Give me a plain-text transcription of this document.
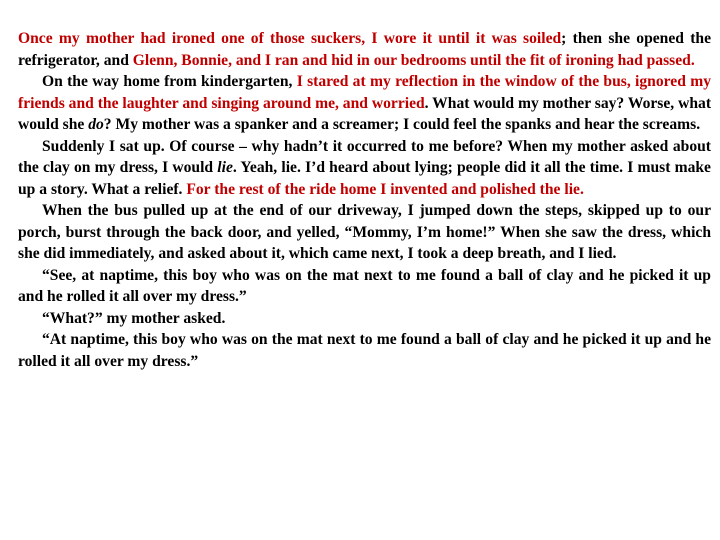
Once my mother had ironed one of those suckers, I wore it until it was soiled; then she opened the refrigerator, and Glenn, Bonnie, and I ran and hid in our bedrooms until the fit of ironing had passed.

On the way home from kindergarten, I stared at my reflection in the window of the bus, ignored my friends and the laughter and singing around me, and worried. What would my mother say? Worse, what would she do? My mother was a spanker and a screamer; I could feel the spanks and hear the screams.

Suddenly I sat up. Of course – why hadn’t it occurred to me before? When my mother asked about the clay on my dress, I would lie. Yeah, lie. I’d heard about lying; people did it all the time. I must make up a story. What a relief. For the rest of the ride home I invented and polished the lie.

When the bus pulled up at the end of our driveway, I jumped down the steps, skipped up to our porch, burst through the back door, and yelled, “Mommy, I’m home!” When she saw the dress, which she did immediately, and asked about it, which came next, I took a deep breath, and I lied.

“See, at naptime, this boy who was on the mat next to me found a ball of clay and he picked it up and he rolled it all over my dress.”

“What?” my mother asked.

“At naptime, this boy who was on the mat next to me found a ball of clay and he picked it up and he rolled it all over my dress.”
